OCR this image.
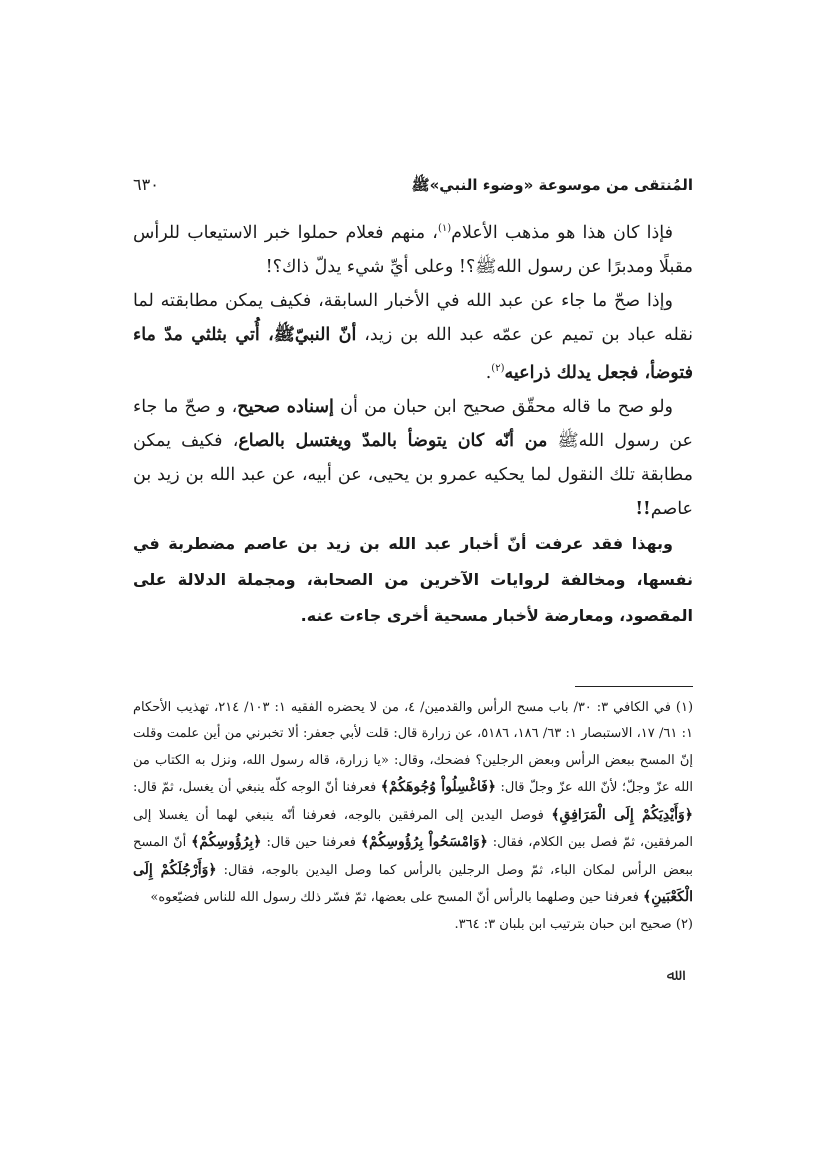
المُنتقى من موسوعة «وضوء النبي»ﷺ
٦٣٠

فإذا كان هذا هو مذهب الأعلام$^{(١)}$، منهم فعلام حملوا خبر الاستيعاب للرأس مقبلًا ومدبرًا عن رسول اللهﷺ؟! وعلى أيِّ شيء يدلّ ذاك؟!

وإذا صحّ ما جاء عن عبد الله في الأخبار السابقة، فكيف يمكن مطابقته لما نقله عباد بن تميم عن عمّه عبد الله بن زيد، أنّ النبيّﷺ، أُتي بثلثي مدّ ماء فتوضأ، فجعل يدلك ذراعيه$^{(٢)}$.

ولو صح ما قاله محقّق صحيح ابن حبان من أن إسناده صحيح، و صحّ ما جاء عن رسول اللهﷺ من أنّه كان يتوضأ بالمدّ ويغتسل بالصاع، فكيف يمكن مطابقة تلك النقول لما يحكيه عمرو بن يحيى، عن أبيه، عن عبد الله بن زيد بن عاصم!!

وبهذا فقد عرفت أنّ أخبار عبد الله بن زيد بن عاصم مضطربة في نفسها، ومخالفة لروايات الآخرين من الصحابة، ومجملة الدلالة على المقصود، ومعارضة لأخبار مسحية أخرى جاءت عنه.

(١) في الكافي ٣: ٣٠/ باب مسح الرأس والقدمين/ ٤، من لا يحضره الفقيه ١: ١٠٣/ ٢١٤، تهذيب الأحكام ١: ٦١/ ١٧، الاستبصار ١: ٦٣/ ١٨٦، ٥١٨٦، عن زرارة قال: قلت لأبي جعفر: ألا تخبرني من أين علمت وقلت إنّ المسح ببعض الرأس وبعض الرجلين؟ فضحك، وقال: «يا زرارة، قاله رسول الله، ونزل به الكتاب من الله عزّ وجلّ؛ لأنّ الله عزّ وجلّ قال: ﴿فَاغْسِلُواْ وُجُوهَكُمْ﴾ فعرفنا أنّ الوجه كلّه ينبغي أن يغسل، ثمّ قال: ﴿وَأَيْدِيَكُمْ إِلَى الْمَرَافِقِ﴾ فوصل اليدين إلى المرفقين بالوجه، فعرفنا أنّه ينبغي لهما أن يغسلا إلى المرفقين، ثمّ فصل بين الكلام، فقال: ﴿وَامْسَحُواْ بِرُؤُوسِكُمْ﴾ فعرفنا حين قال: ﴿بِرُؤُوسِكُمْ﴾ أنّ المسح ببعض الرأس لمكان الباء، ثمّ وصل الرجلين بالرأس كما وصل اليدين بالوجه، فقال: ﴿وَأَرْجُلَكُمْ إِلَى الْكَعْبَينِ﴾ فعرفنا حين وصلهما بالرأس أنّ المسح على بعضها، ثمّ فسّر ذلك رسول الله للناس فضيّعوه»

(٢) صحيح ابن حبان بترتيب ابن بلبان ٣: ٣٦٤.

ﷲ
